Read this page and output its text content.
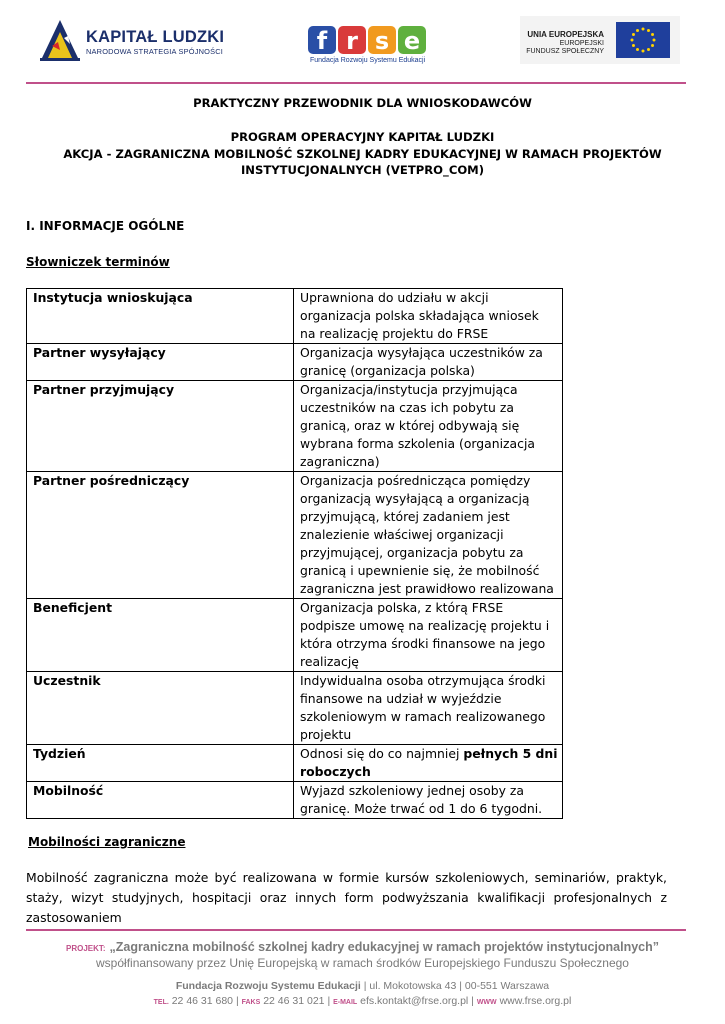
KAPITAŁ LUDZKI
NARODOWA STRATEGIA SPÓJNOŚCI	f r s e
Fundacja Rozwoju Systemu Edukacji
UNIA EUROPEJSKA
EUROPEJSKI
FUNDUSZ SPOŁECZNY
PRAKTYCZNY PRZEWODNIK DLA WNIOSKODAWCÓW
PROGRAM OPERACYJNY KAPITAŁ LUDZKI
AKCJA - ZAGRANICZNA MOBILNOŚĆ SZKOLNEJ KADRY EDUKACYJNEJ W RAMACH PROJEKTÓW INSTYTUCJONALNYCH (VETPRO_COM)
I. INFORMACJE OGÓLNE
Słowniczek terminów
Instytucja wnioskująca	Uprawniona do udziału w akcji organizacja polska składająca wniosek na realizację projektu do FRSE
Partner wysyłający	Organizacja wysyłająca uczestników za granicę (organizacja polska)
Partner przyjmujący	Organizacja/instytucja przyjmująca uczestników na czas ich pobytu za granicą, oraz w której odbywają się wybrana forma szkolenia (organizacja zagraniczna)
Partner pośredniczący	Organizacja pośrednicząca pomiędzy organizacją wysyłającą a organizacją przyjmującą, której zadaniem jest znalezienie właściwej organizacji przyjmującej, organizacja pobytu za granicą i upewnienie się, że mobilność zagraniczna jest prawidłowo realizowana
Beneficjent	Organizacja polska, z którą FRSE podpisze umowę na realizację projektu i która otrzyma środki finansowe na jego realizację
Uczestnik	Indywidualna osoba otrzymująca środki finansowe na udział w wyjeździe szkoleniowym w ramach realizowanego projektu
Tydzień	Odnosi się do co najmniej pełnych 5 dni roboczych
Mobilność	Wyjazd szkoleniowy jednej osoby za granicę. Może trwać od 1 do 6 tygodni.
Mobilności zagraniczne
Mobilność zagraniczna może być realizowana w formie kursów szkoleniowych, seminariów, praktyk, staży, wizyt studyjnych, hospitacji oraz innych form podwyższania kwalifikacji profesjonalnych z zastosowaniem
PROJEKT: „Zagraniczna mobilność szkolnej kadry edukacyjnej w ramach projektów instytucjonalnych”
współfinansowany przez Unię Europejską w ramach środków Europejskiego Funduszu Społecznego
Fundacja Rozwoju Systemu Edukacji | ul. Mokotowska 43 | 00-551 Warszawa
TEL. 22 46 31 680 | FAKS 22 46 31 021 | E-MAIL efs.kontakt@frse.org.pl | WWW www.frse.org.pl
